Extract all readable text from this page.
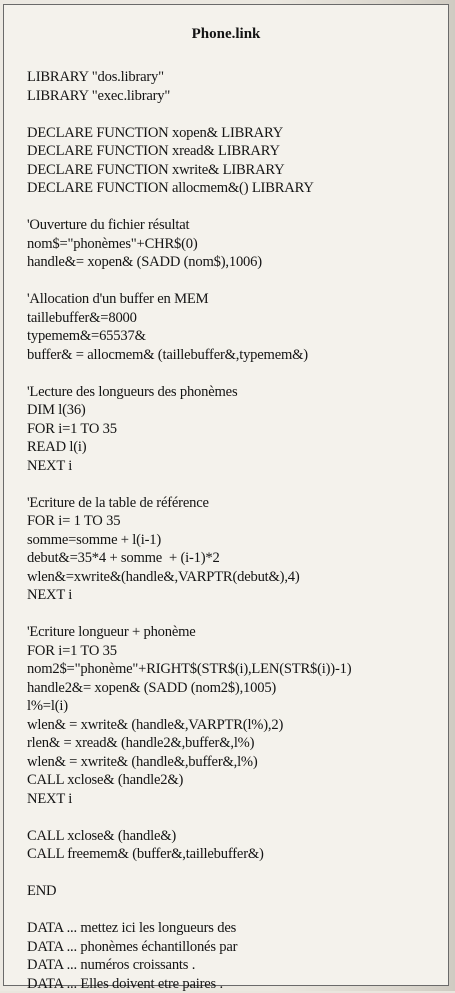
Phone.link
LIBRARY "dos.library"
LIBRARY "exec.library"
DECLARE FUNCTION xopen& LIBRARY
DECLARE FUNCTION xread& LIBRARY
DECLARE FUNCTION xwrite& LIBRARY
DECLARE FUNCTION allocmem&() LIBRARY
'Ouverture du fichier résultat
nom$="phonèmes"+CHR$(0)
handle&= xopen& (SADD (nom$),1006)
'Allocation d'un buffer en MEM
taillebuffer&=8000
typemem&=65537&
buffer& = allocmem& (taillebuffer&,typemem&)
'Lecture des longueurs des phonèmes
DIM l(36)
FOR i=1 TO 35
READ l(i)
NEXT i
'Ecriture de la table de référence
FOR i= 1 TO 35
somme=somme + l(i-1)
debut&=35*4 + somme  + (i-1)*2
wlen&=xwrite&(handle&,VARPTR(debut&),4)
NEXT i
'Ecriture longueur + phonème
FOR i=1 TO 35
nom2$="phonème"+RIGHT$(STR$(i),LEN(STR$(i))-1)
handle2&= xopen& (SADD (nom2$),1005)
l%=l(i)
wlen& = xwrite& (handle&,VARPTR(l%),2)
rlen& = xread& (handle2&,buffer&,l%)
wlen& = xwrite& (handle&,buffer&,l%)
CALL xclose& (handle2&)
NEXT i
CALL xclose& (handle&)
CALL freemem& (buffer&,taillebuffer&)
END
DATA ... mettez ici les longueurs des
DATA ... phonèmes échantillonés par
DATA ... numéros croissants .
DATA ... Elles doivent etre paires .
